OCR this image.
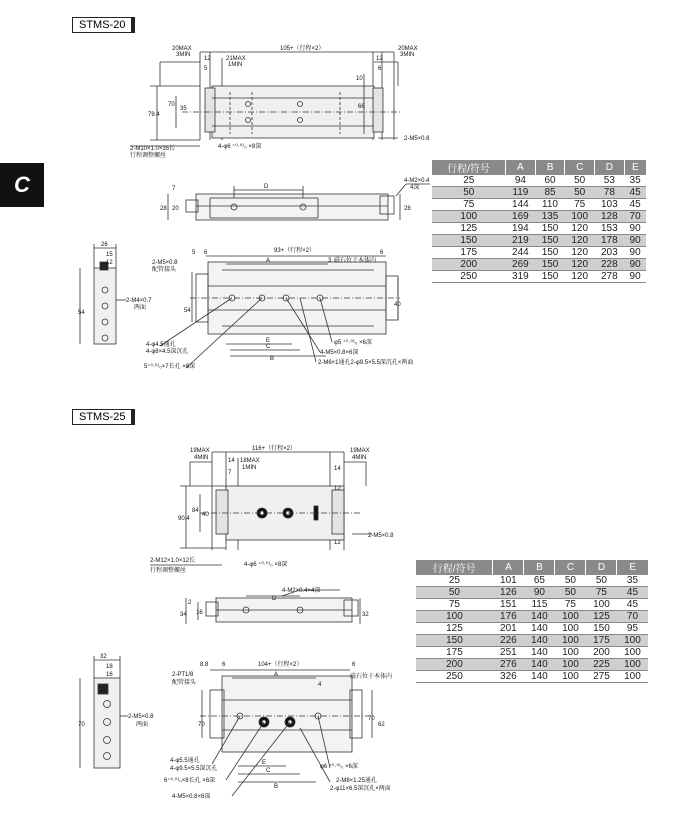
STMS-20
STMS-25
C
20MAX
3MIN
20MAX
3MIN
105+（行程×2）
21MAX
1MIN
12
5
12
6
10
79.4
70
35	66
2-M10×1.0×35长
行程调整螺丝
4-φ6 ⁺⁰·⁰¹₀ ×8深
2-M5×0.8
28 20
7	D
4-M2×0.4
4深
28
26
15
12
54
2-M4×0.7
两面
2-M5×0.8
配管接头
93+（行程×2）
5 6	6
A	3 磁石位于本体内
54
40
4-φ4.5通孔
4-φ8×4.5深沉孔
5⁺⁰·⁰¹₀×7长孔 ×6深
E
C
B
φ5 ⁺⁰·⁰¹₀ ×6深
4-M5×0.8×6深
2-M6×1通孔2-φ9.5×5.5深沉孔×两面
行程/符号	A	B	C	D	E
25	94	60	50	53	35
50	119	85	50	78	45
75	144	110	75	103	45
100	169	135	100	128	70
125	194	150	120	153	90
150	219	150	120	178	90
175	244	150	120	203	90
200	269	150	120	228	90
250	319	150	120	278	90
19MAX
4MIN
19MAX
4MIN
116+（行程×2）
18MAX
1MIN
14
7
14
12
12
90.4
84
40
2-M12×1.0×12长
行程调整螺丝
4-φ6 ⁺⁰·⁰¹₀ ×8深
2-M5×0.8
4-M2×0.4×4深
D
2
34 16	32
32
18
16
70
2-M5×0.8
两面
2-PT1/8
配管接头
8.8 6	104+（行程×2）	6
A
4
磁石位于本体内
70
70
62
4-φ5.5通孔
4-φ9.5×5.5深沉孔
6⁺⁰·⁰¹₀×8长孔 ×6深
4-M5×0.8×6深
E
C
B
φ6 ⁺⁰·⁰¹₀ ×6深
2-M8×1.25通孔
2-φ11×6.5深沉孔×两面
行程/符号	A	B	C	D	E
25	101	65	50	50	35
50	126	90	50	75	45
75	151	115	75	100	45
100	176	140	100	125	70
125	201	140	100	150	95
150	226	140	100	175	100
175	251	140	100	200	100
200	276	140	100	225	100
250	326	140	100	275	100
